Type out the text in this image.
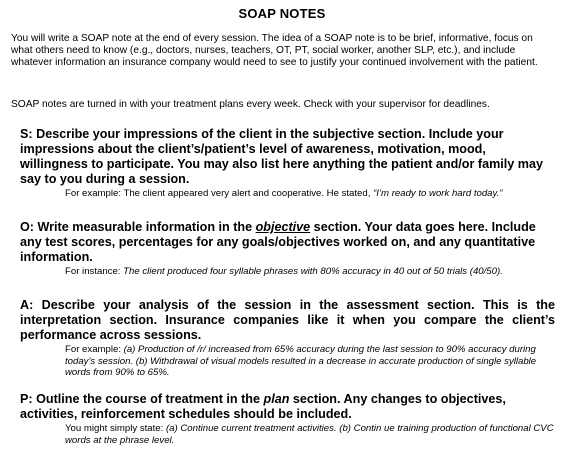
SOAP NOTES
You will write a SOAP note at the end of every session. The idea of a SOAP note is to be brief, informative, focus on what others need to know (e.g., doctors, nurses, teachers, OT, PT, social worker, another SLP, etc.), and include whatever information an insurance company would need to see to justify your continued involvement with the patient.
SOAP notes are turned in with your treatment plans every week. Check with your supervisor for deadlines.
S: Describe your impressions of the client in the subjective section. Include your impressions about the client’s/patient’s level of awareness, motivation, mood, willingness to participate. You may also list here anything the patient and/or family may say to you during a session.
For example: The client appeared very alert and cooperative. He stated, “I’m ready to work hard today.”
O: Write measurable information in the objective section. Your data goes here. Include any test scores, percentages for any goals/objectives worked on, and any quantitative information.
For instance: The client produced four syllable phrases with 80% accuracy in 40 out of 50 trials (40/50).
A: Describe your analysis of the session in the assessment section. This is the interpretation section. Insurance companies like it when you compare the client’s performance across sessions.
For example: (a) Production of /r/ increased from 65% accuracy during the last session to 90% accuracy during today’s session. (b) Withdrawal of visual models resulted in a decrease in accurate production of single syllable words from 90% to 65%.
P: Outline the course of treatment in the plan section. Any changes to objectives, activities, reinforcement schedules should be included.
You might simply state: (a) Continue current treatment activities. (b) Contin ue training production of functional CVC words at the phrase level.
